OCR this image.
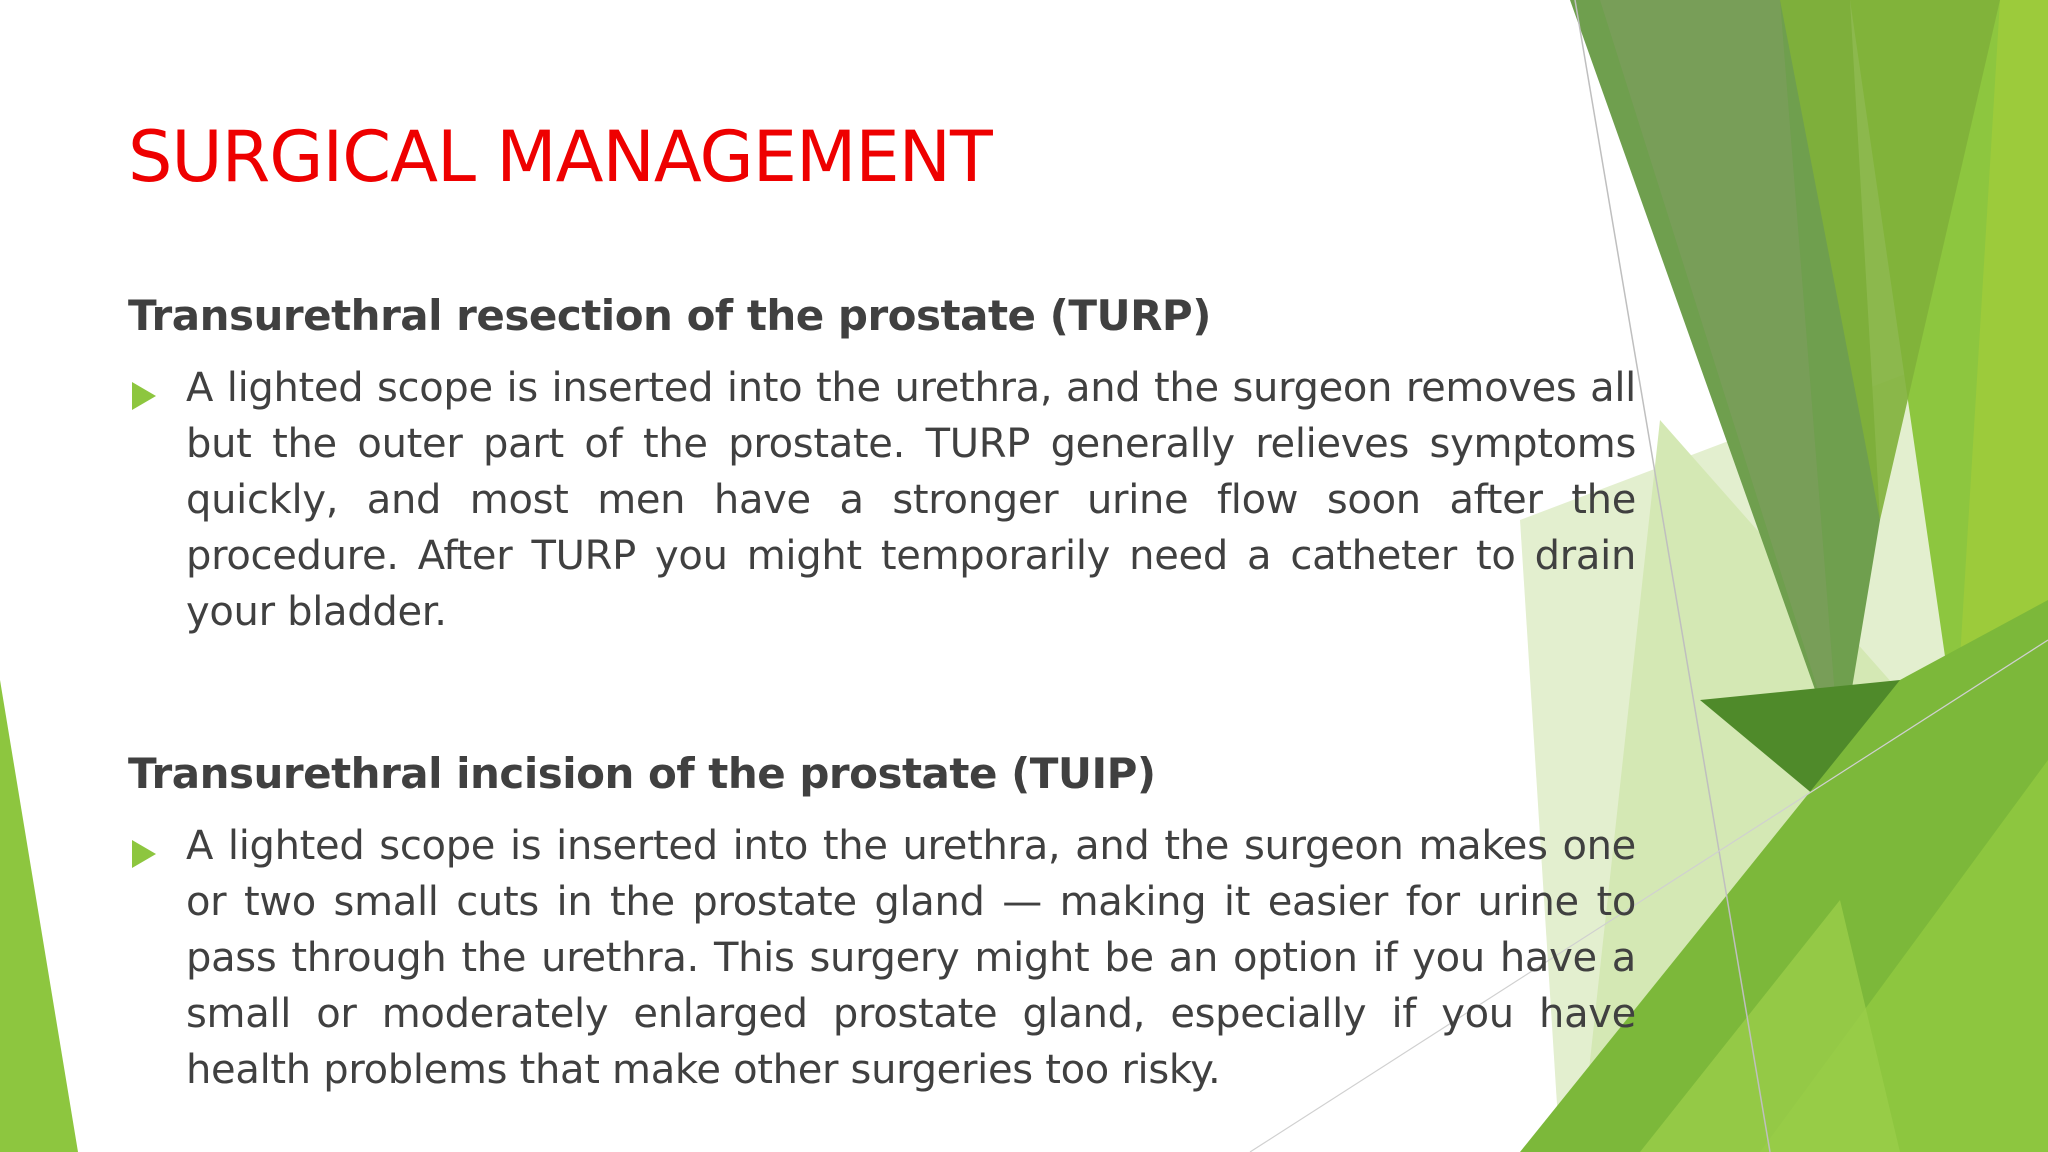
SURGICAL MANAGEMENT
Transurethral resection of the prostate (TURP)

A lighted scope is inserted into the urethra, and the surgeon removes all but the outer part of the prostate. TURP generally relieves symptoms quickly, and most men have a stronger urine flow soon after the procedure. After TURP you might temporarily need a catheter to drain your bladder.

Transurethral incision of the prostate (TUIP)

A lighted scope is inserted into the urethra, and the surgeon makes one or two small cuts in the prostate gland — making it easier for urine to pass through the urethra. This surgery might be an option if you have a small or moderately enlarged prostate gland, especially if you have health problems that make other surgeries too risky.
